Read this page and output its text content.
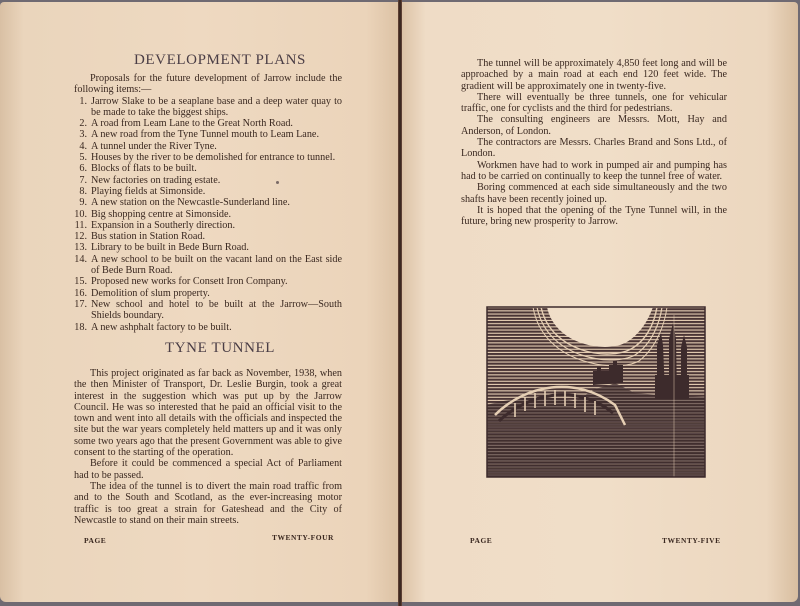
DEVELOPMENT PLANS

Proposals for the future development of Jarrow include the following items:—

1. Jarrow Slake to be a seaplane base and a deep water quay to be made to take the biggest ships.
2. A road from Leam Lane to the Great North Road.
3. A new road from the Tyne Tunnel mouth to Leam Lane.
4. A tunnel under the River Tyne.
5. Houses by the river to be demolished for entrance to tunnel.
6. Blocks of flats to be built.
7. New factories on trading estate.
8. Playing fields at Simonside.
9. A new station on the Newcastle-Sunderland line.
10. Big shopping centre at Simonside.
11. Expansion in a Southerly direction.
12. Bus station in Station Road.
13. Library to be built in Bede Burn Road.
14. A new school to be built on the vacant land on the East side of Bede Burn Road.
15. Proposed new works for Consett Iron Company.
16. Demolition of slum property.
17. New school and hotel to be built at the Jarrow—South Shields boundary.
18. A new ashphalt factory to be built.
TYNE TUNNEL

This project originated as far back as November, 1938, when the then Minister of Transport, Dr. Leslie Burgin, took a great interest in the suggestion which was put up by the Jarrow Council. He was so interested that he paid an official visit to the town and went into all details with the officials and inspected the site but the war years completely held matters up and it was only some two years ago that the present Government was able to give consent to the starting of the operation.

Before it could be commenced a special Act of Parliament had to be passed.

The idea of the tunnel is to divert the main road traffic from and to the South and Scotland, as the ever-increasing motor traffic is too great a strain for Gateshead and the City of Newcastle to stand on their main streets.

PAGE	TWENTY-FOUR

The tunnel will be approximately 4,850 feet long and will be approached by a main road at each end 120 feet wide. The gradient will be approximately one in twenty-five.

There will eventually be three tunnels, one for vehicular traffic, one for cyclists and the third for pedestrians.

The consulting engineers are Messrs. Mott, Hay and Anderson, of London.

The contractors are Messrs. Charles Brand and Sons Ltd., of London.

Workmen have had to work in pumped air and pumping has had to be carried on continually to keep the tunnel free of water.

Boring commenced at each side simultaneously and the two shafts have been recently joined up.

It is hoped that the opening of the Tyne Tunnel will, in the future, bring new prosperity to Jarrow.

PAGE	TWENTY-FIVE
